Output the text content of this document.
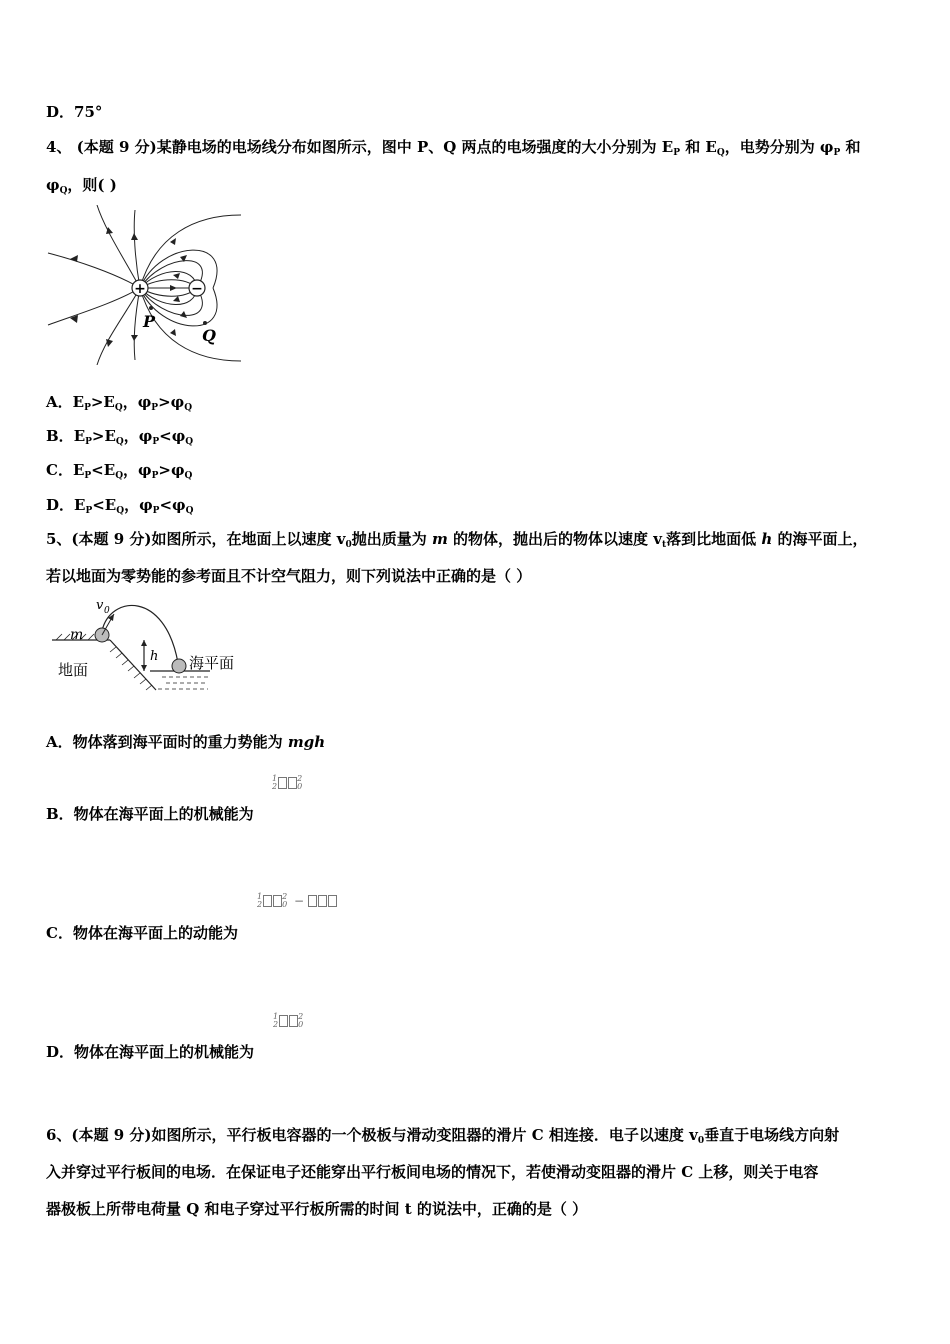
D．75°
4、 (本题 9 分)某静电场的电场线分布如图所示，图中 P、Q 两点的电场强度的大小分别为 $E_P$ 和 $E_Q$，电势分别为 $\varphi_P$ 和
$\varphi_Q$，则( )
+	−
P
Q
A．$E_P>E_Q$，$\varphi_P>\varphi_Q$
B．$E_P>E_Q$，$\varphi_P<\varphi_Q$
C．$E_P<E_Q$，$\varphi_P>\varphi_Q$
D．$E_P<E_Q$，$\varphi_P<\varphi_Q$
5、(本题 9 分)如图所示，在地面上以速度 $v_0$抛出质量为 m 的物体，抛出后的物体以速度 $v_t$落到比地面低 h 的海平面上，
若以地面为零势能的参考面且不计空气阻力，则下列说法中正确的是（ ）
v 0
m
h
地面	海平面
A．物体落到海平面时的重力势能为 mgh
1
22
0
B．物体在海平面上的机械能为
1
22
0 −
C．物体在海平面上的动能为
1
22
0
D．物体在海平面上的机械能为
6、(本题 9 分)如图所示，平行板电容器的一个极板与滑动变阻器的滑片 C 相连接．电子以速度 $v_0$垂直于电场线方向射
入并穿过平行板间的电场．在保证电子还能穿出平行板间电场的情况下，若使滑动变阻器的滑片 C 上移，则关于电容
器极板上所带电荷量 Q 和电子穿过平行板所需的时间 t 的说法中，正确的是（ ）
